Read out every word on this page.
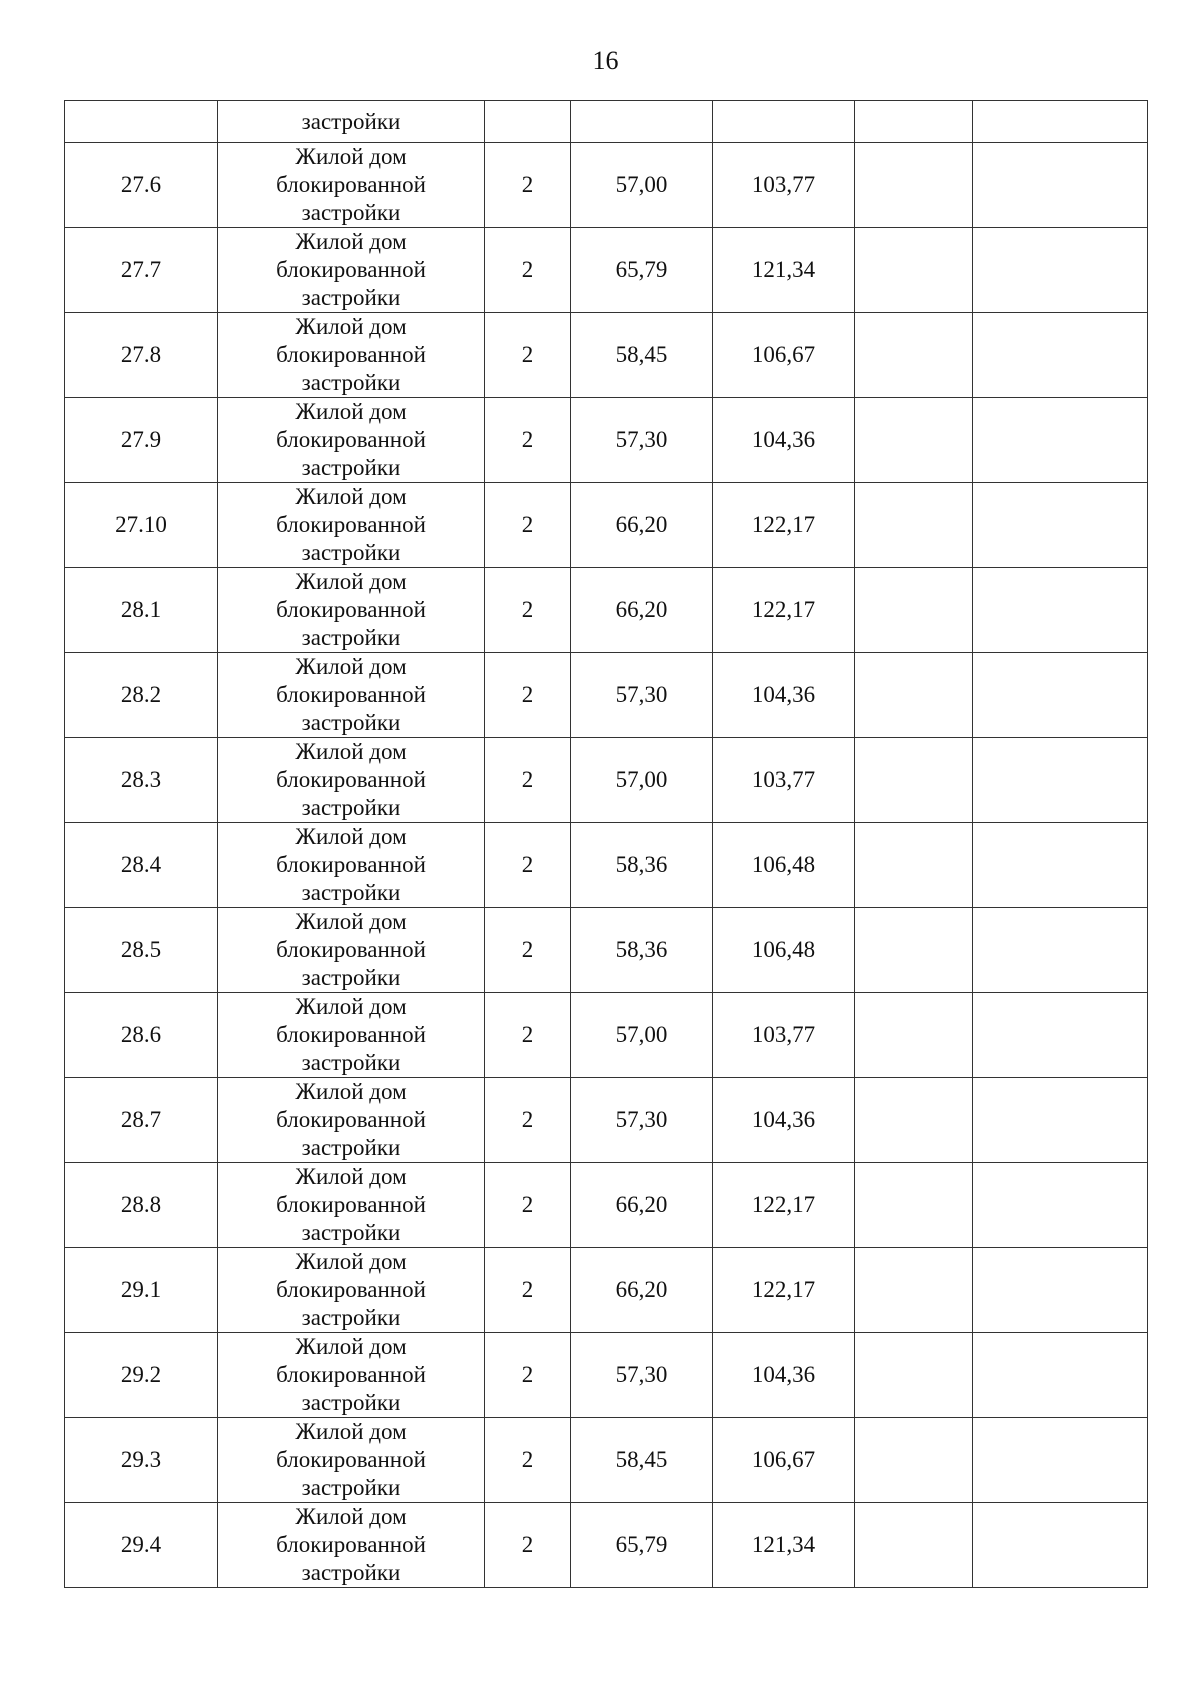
16
	застройки					
27.6	Жилой дом
блокированной
застройки	2	57,00	103,77		
27.7	Жилой дом
блокированной
застройки	2	65,79	121,34		
27.8	Жилой дом
блокированной
застройки	2	58,45	106,67		
27.9	Жилой дом
блокированной
застройки	2	57,30	104,36		
27.10	Жилой дом
блокированной
застройки	2	66,20	122,17		
28.1	Жилой дом
блокированной
застройки	2	66,20	122,17		
28.2	Жилой дом
блокированной
застройки	2	57,30	104,36		
28.3	Жилой дом
блокированной
застройки	2	57,00	103,77		
28.4	Жилой дом
блокированной
застройки	2	58,36	106,48		
28.5	Жилой дом
блокированной
застройки	2	58,36	106,48		
28.6	Жилой дом
блокированной
застройки	2	57,00	103,77		
28.7	Жилой дом
блокированной
застройки	2	57,30	104,36		
28.8	Жилой дом
блокированной
застройки	2	66,20	122,17		
29.1	Жилой дом
блокированной
застройки	2	66,20	122,17		
29.2	Жилой дом
блокированной
застройки	2	57,30	104,36		
29.3	Жилой дом
блокированной
застройки	2	58,45	106,67		
29.4	Жилой дом
блокированной
застройки	2	65,79	121,34		
